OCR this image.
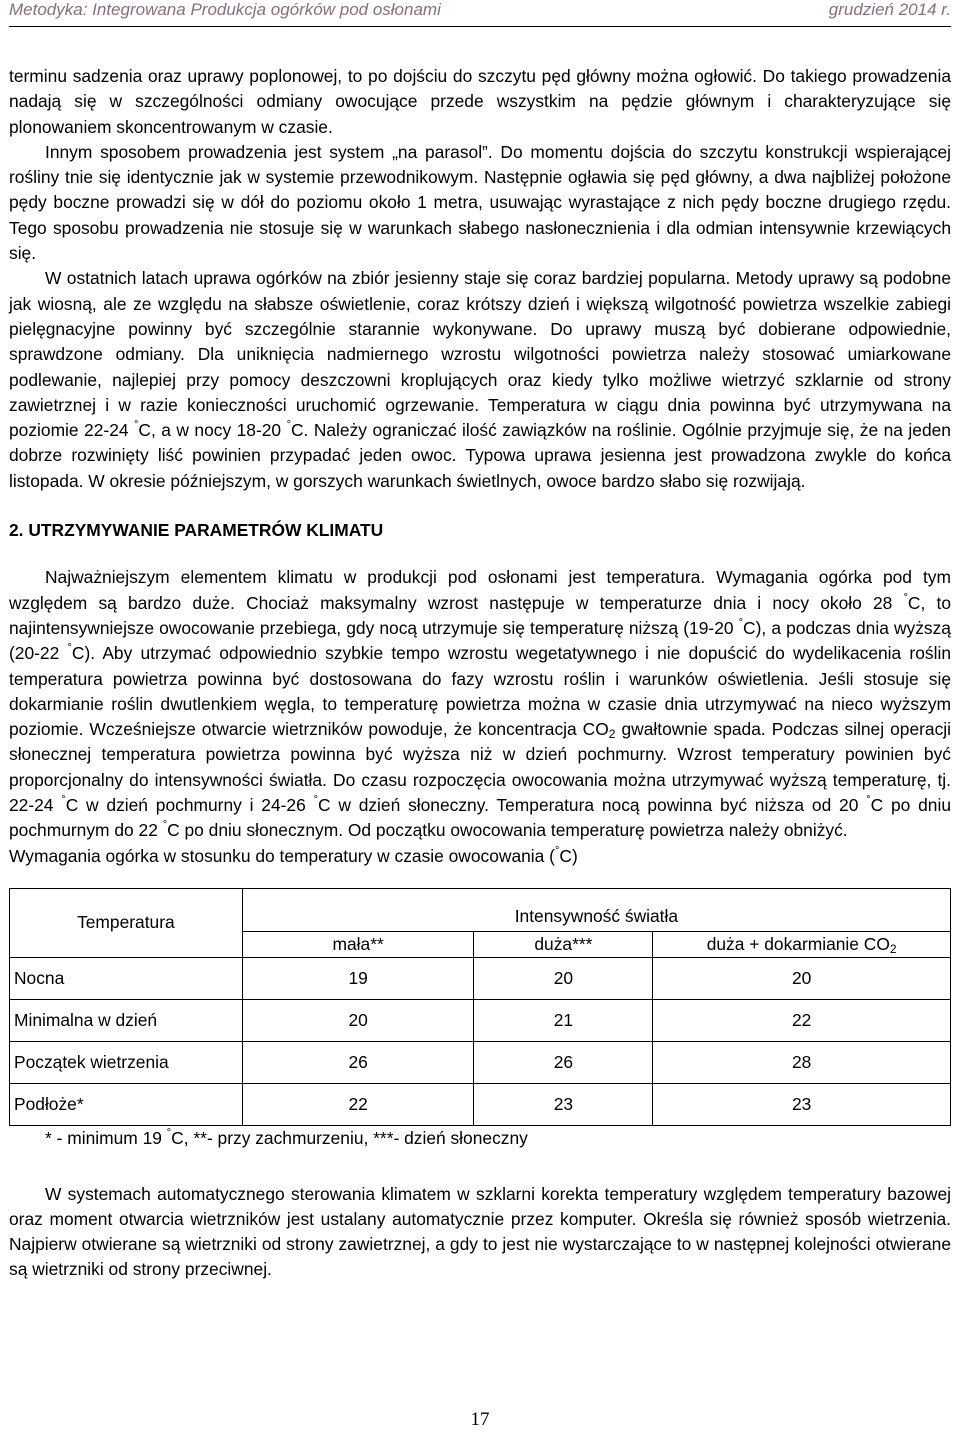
Metodyka: Integrowana Produkcja ogórków pod osłonami	grudzień 2014 r.

terminu sadzenia oraz uprawy poplonowej, to po dojściu do szczytu pęd główny można ogłowić. Do takiego prowadzenia nadają się w szczególności odmiany owocujące przede wszystkim na pędzie głównym i charakteryzujące się plonowaniem skoncentrowanym w czasie.

Innym sposobem prowadzenia jest system „na parasol”. Do momentu dojścia do szczytu konstrukcji wspierającej rośliny tnie się identycznie jak w systemie przewodnikowym. Następnie ogławia się pęd główny, a dwa najbliżej położone pędy boczne prowadzi się w dół do poziomu około 1 metra, usuwając wyrastające z nich pędy boczne drugiego rzędu. Tego sposobu prowadzenia nie stosuje się w warunkach słabego nasłonecznienia i dla odmian intensywnie krzewiących się.

W ostatnich latach uprawa ogórków na zbiór jesienny staje się coraz bardziej popularna. Metody uprawy są podobne jak wiosną, ale ze względu na słabsze oświetlenie, coraz krótszy dzień i większą wilgotność powietrza wszelkie zabiegi pielęgnacyjne powinny być szczególnie starannie wykonywane. Do uprawy muszą być dobierane odpowiednie, sprawdzone odmiany. Dla uniknięcia nadmiernego wzrostu wilgotności powietrza należy stosować umiarkowane podlewanie, najlepiej przy pomocy deszczowni kroplujących oraz kiedy tylko możliwe wietrzyć szklarnie od strony zawietrznej i w razie konieczności uruchomić ogrzewanie. Temperatura w ciągu dnia powinna być utrzymywana na poziomie 22-24 °C, a w nocy 18-20 °C. Należy ograniczać ilość zawiązków na roślinie. Ogólnie przyjmuje się, że na jeden dobrze rozwinięty liść powinien przypadać jeden owoc. Typowa uprawa jesienna jest prowadzona zwykle do końca listopada. W okresie późniejszym, w gorszych warunkach świetlnych, owoce bardzo słabo się rozwijają.

2. UTRZYMYWANIE PARAMETRÓW KLIMATU

Najważniejszym elementem klimatu w produkcji pod osłonami jest temperatura. Wymagania ogórka pod tym względem są bardzo duże. Chociaż maksymalny wzrost następuje w temperaturze dnia i nocy około 28 °C, to najintensywniejsze owocowanie przebiega, gdy nocą utrzymuje się temperaturę niższą (19-20 °C), a podczas dnia wyższą (20-22 °C). Aby utrzymać odpowiednio szybkie tempo wzrostu wegetatywnego i nie dopuścić do wydelikacenia roślin temperatura powietrza powinna być dostosowana do fazy wzrostu roślin i warunków oświetlenia. Jeśli stosuje się dokarmianie roślin dwutlenkiem węgla, to temperaturę powietrza można w czasie dnia utrzymywać na nieco wyższym poziomie. Wcześniejsze otwarcie wietrzników powoduje, że koncentracja $CO_2$ gwałtownie spada. Podczas silnej operacji słonecznej temperatura powietrza powinna być wyższa niż w dzień pochmurny. Wzrost temperatury powinien być proporcjonalny do intensywności światła. Do czasu rozpoczęcia owocowania można utrzymywać wyższą temperaturę, tj. 22-24 °C w dzień pochmurny i 24-26 °C w dzień słoneczny. Temperatura nocą powinna być niższa od 20 °C po dniu pochmurnym do 22 °C po dniu słonecznym. Od początku owocowania temperaturę powietrza należy obniżyć.

Wymagania ogórka w stosunku do temperatury w czasie owocowania (°C)

Temperatura	Intensywność światła		
	mała**	duża***	duża + dokarmianie $CO_2$
Nocna	19	20	20
Minimalna w dzień	20	21	22
Początek wietrzenia	26	26	28
Podłoże*	22	23	23

* - minimum 19 °C, **- przy zachmurzeniu, ***- dzień słoneczny

W systemach automatycznego sterowania klimatem w szklarni korekta temperatury względem temperatury bazowej oraz moment otwarcia wietrzników jest ustalany automatycznie przez komputer. Określa się również sposób wietrzenia. Najpierw otwierane są wietrzniki od strony zawietrznej, a gdy to jest nie wystarczające to w następnej kolejności otwierane są wietrzniki od strony przeciwnej.

17
